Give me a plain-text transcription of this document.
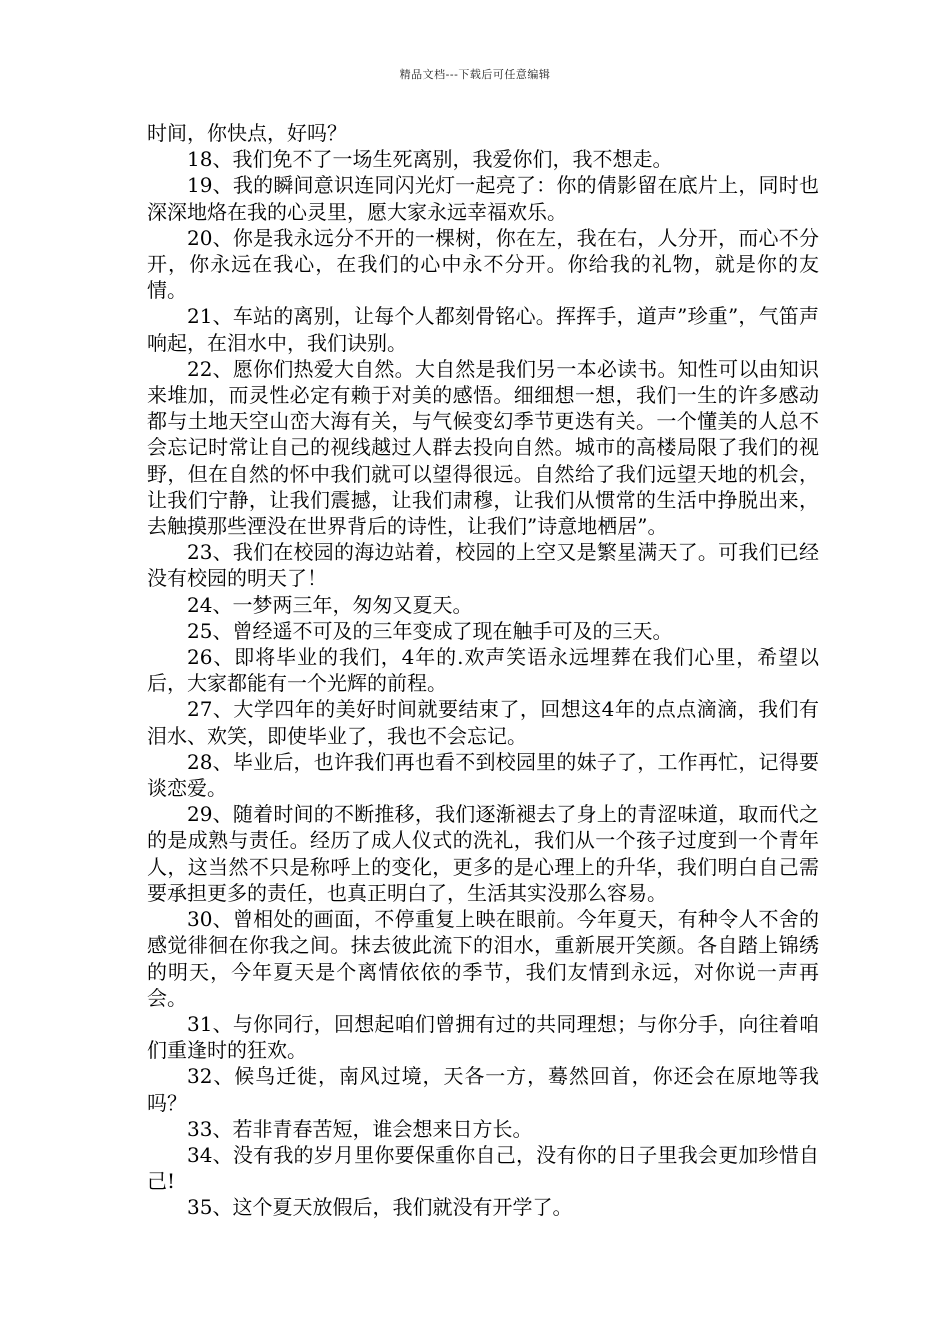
精品文档---下载后可任意编辑

时间，你快点，好吗？

18、我们免不了一场生死离别，我爱你们，我不想走。

19、我的瞬间意识连同闪光灯一起亮了：你的倩影留在底片上，同时也深深地烙在我的心灵里，愿大家永远幸福欢乐。

20、你是我永远分不开的一棵树，你在左，我在右，人分开，而心不分开，你永远在我心，在我们的心中永不分开。你给我的礼物，就是你的友情。

21、车站的离别，让每个人都刻骨铭心。挥挥手，道声”珍重”，气笛声响起，在泪水中，我们诀别。

22、愿你们热爱大自然。大自然是我们另一本必读书。知性可以由知识来堆加，而灵性必定有赖于对美的感悟。细细想一想，我们一生的许多感动都与土地天空山峦大海有关，与气候变幻季节更迭有关。一个懂美的人总不会忘记时常让自己的视线越过人群去投向自然。城市的高楼局限了我们的视野，但在自然的怀中我们就可以望得很远。自然给了我们远望天地的机会，让我们宁静，让我们震撼，让我们肃穆，让我们从惯常的生活中挣脱出来，去触摸那些湮没在世界背后的诗性，让我们”诗意地栖居”。

23、我们在校园的海边站着，校园的上空又是繁星满天了。可我们已经没有校园的明天了！

24、一梦两三年，匆匆又夏天。

25、曾经遥不可及的三年变成了现在触手可及的三天。

26、即将毕业的我们，4年的.欢声笑语永远埋葬在我们心里，希望以后，大家都能有一个光辉的前程。

27、大学四年的美好时间就要结束了，回想这4年的点点滴滴，我们有泪水、欢笑，即使毕业了，我也不会忘记。

28、毕业后，也许我们再也看不到校园里的妹子了，工作再忙，记得要谈恋爱。

29、随着时间的不断推移，我们逐渐褪去了身上的青涩味道，取而代之的是成熟与责任。经历了成人仪式的洗礼，我们从一个孩子过度到一个青年人，这当然不只是称呼上的变化，更多的是心理上的升华，我们明白自己需要承担更多的责任，也真正明白了，生活其实没那么容易。

30、曾相处的画面，不停重复上映在眼前。今年夏天，有种令人不舍的感觉徘徊在你我之间。抹去彼此流下的泪水，重新展开笑颜。各自踏上锦绣的明天，今年夏天是个离情依依的季节，我们友情到永远，对你说一声再会。

31、与你同行，回想起咱们曾拥有过的共同理想；与你分手，向往着咱们重逢时的狂欢。

32、候鸟迁徙，南风过境，天各一方，蓦然回首，你还会在原地等我吗？

33、若非青春苦短，谁会想来日方长。

34、没有我的岁月里你要保重你自己，没有你的日子里我会更加珍惜自己!

35、这个夏天放假后，我们就没有开学了。
